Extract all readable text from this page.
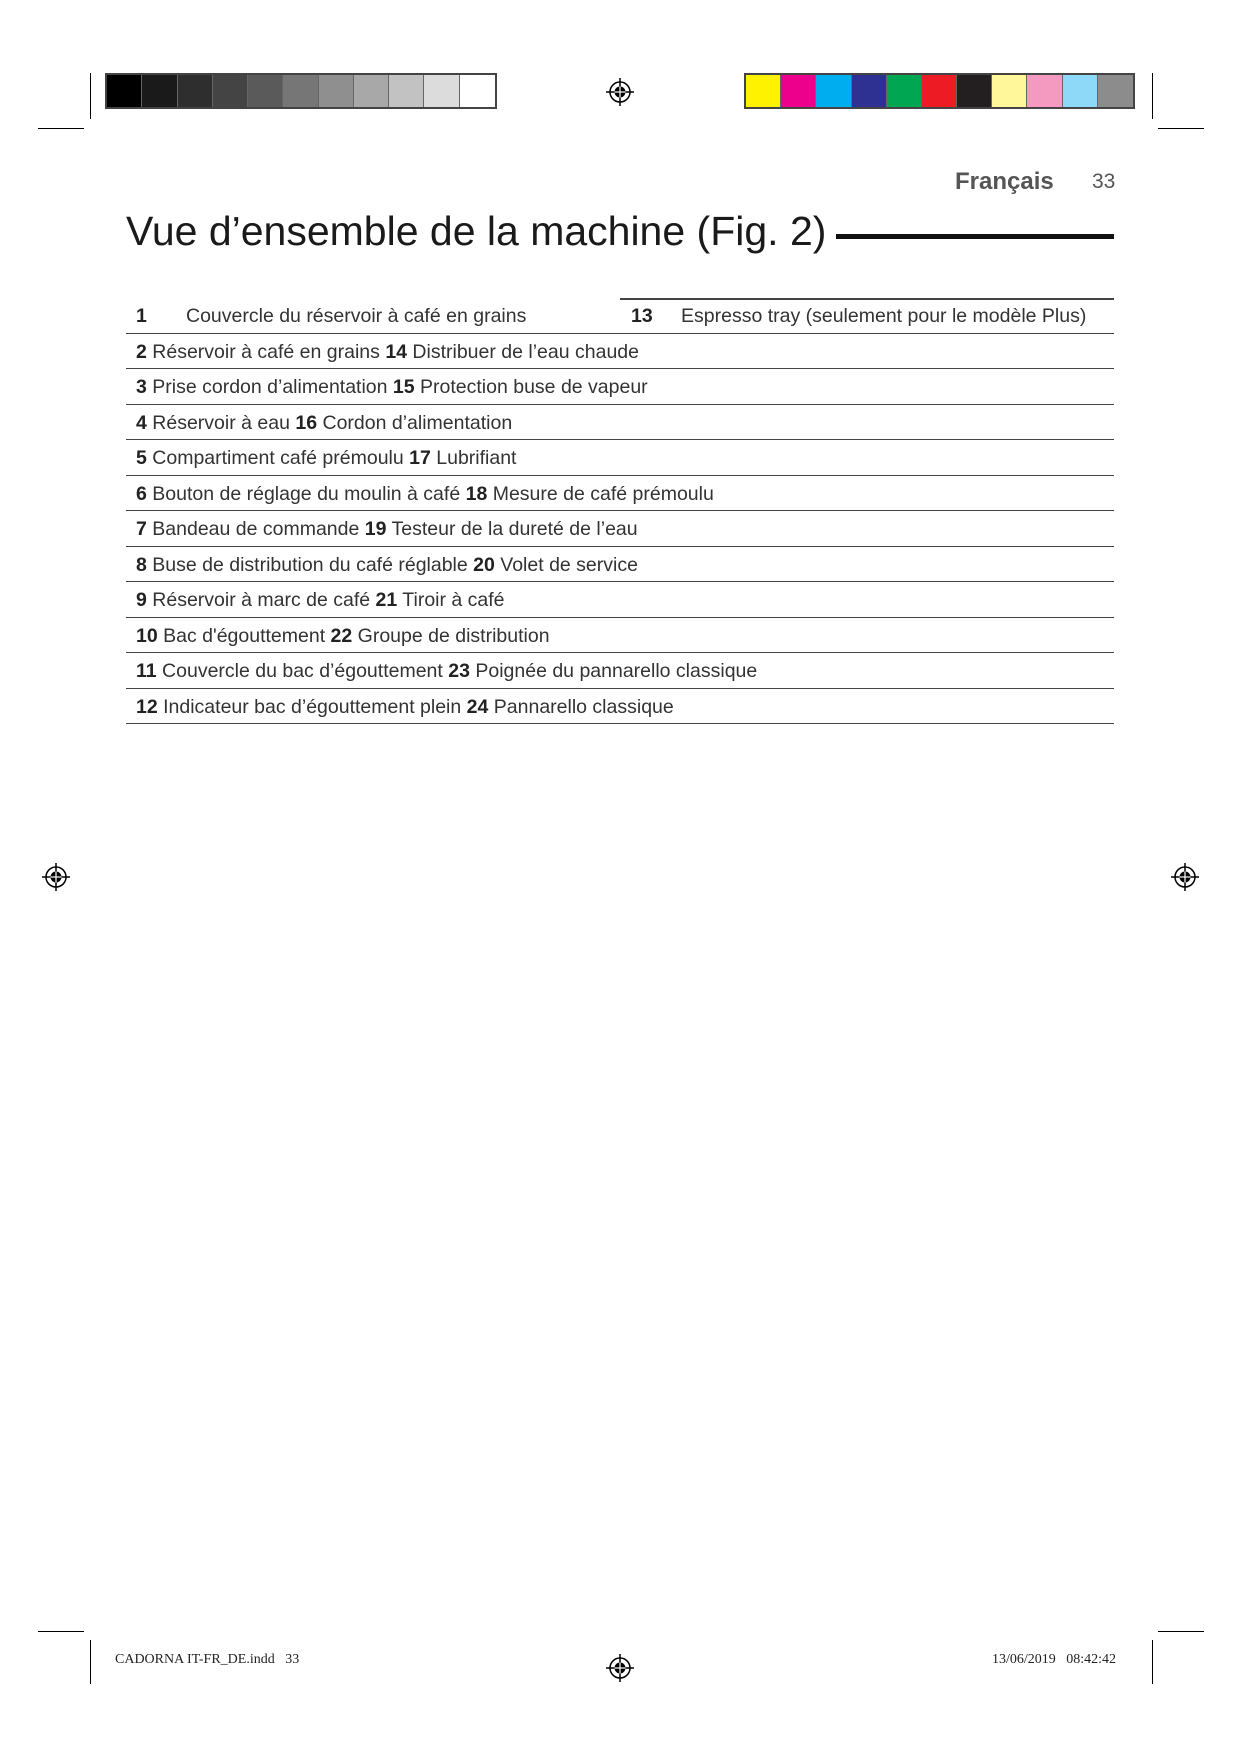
Français 33
Vue d’ensemble de la machine (Fig. 2)
1 Couvercle du réservoir à café en grains	13 Espresso tray (seulement pour le modèle Plus)
2 Réservoir à café en grains 14 Distribuer de l’eau chaude
3 Prise cordon d’alimentation 15 Protection buse de vapeur
4 Réservoir à eau 16 Cordon d’alimentation
5 Compartiment café prémoulu 17 Lubrifiant
6 Bouton de réglage du moulin à café 18 Mesure de café prémoulu
7 Bandeau de commande 19 Testeur de la dureté de l’eau
8 Buse de distribution du café réglable 20 Volet de service
9 Réservoir à marc de café 21 Tiroir à café
10 Bac d'égouttement 22 Groupe de distribution
11 Couvercle du bac d’égouttement 23 Poignée du pannarello classique
12 Indicateur bac d’égouttement plein 24 Pannarello classique
CADORNA IT-FR_DE.indd   33	13/06/2019   08:42:42
